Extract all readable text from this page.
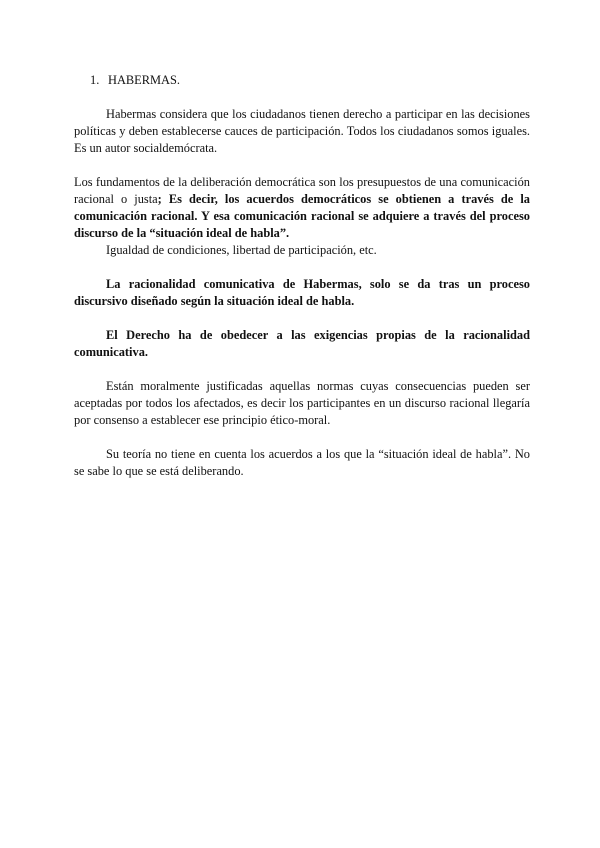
1. HABERMAS.

Habermas considera que los ciudadanos tienen derecho a participar en las decisiones políticas y deben establecerse cauces de participación. Todos los ciudadanos somos iguales. Es un autor socialdemócrata.

Los fundamentos de la deliberación democrática son los presupuestos de una comunicación racional o justa; Es decir, los acuerdos democráticos se obtienen a través de la comunicación racional. Y esa comunicación racional se adquiere a través del proceso discurso de la “situación ideal de habla”.

Igualdad de condiciones, libertad de participación, etc.

La racionalidad comunicativa de Habermas, solo se da tras un proceso discursivo diseñado según la situación ideal de habla.

El Derecho ha de obedecer a las exigencias propias de la racionalidad comunicativa.

Están moralmente justificadas aquellas normas cuyas consecuencias pueden ser aceptadas por todos los afectados, es decir los participantes en un discurso racional llegaría por consenso a establecer ese principio ético-moral.

Su teoría no tiene en cuenta los acuerdos a los que la “situación ideal de habla”. No se sabe lo que se está deliberando.
